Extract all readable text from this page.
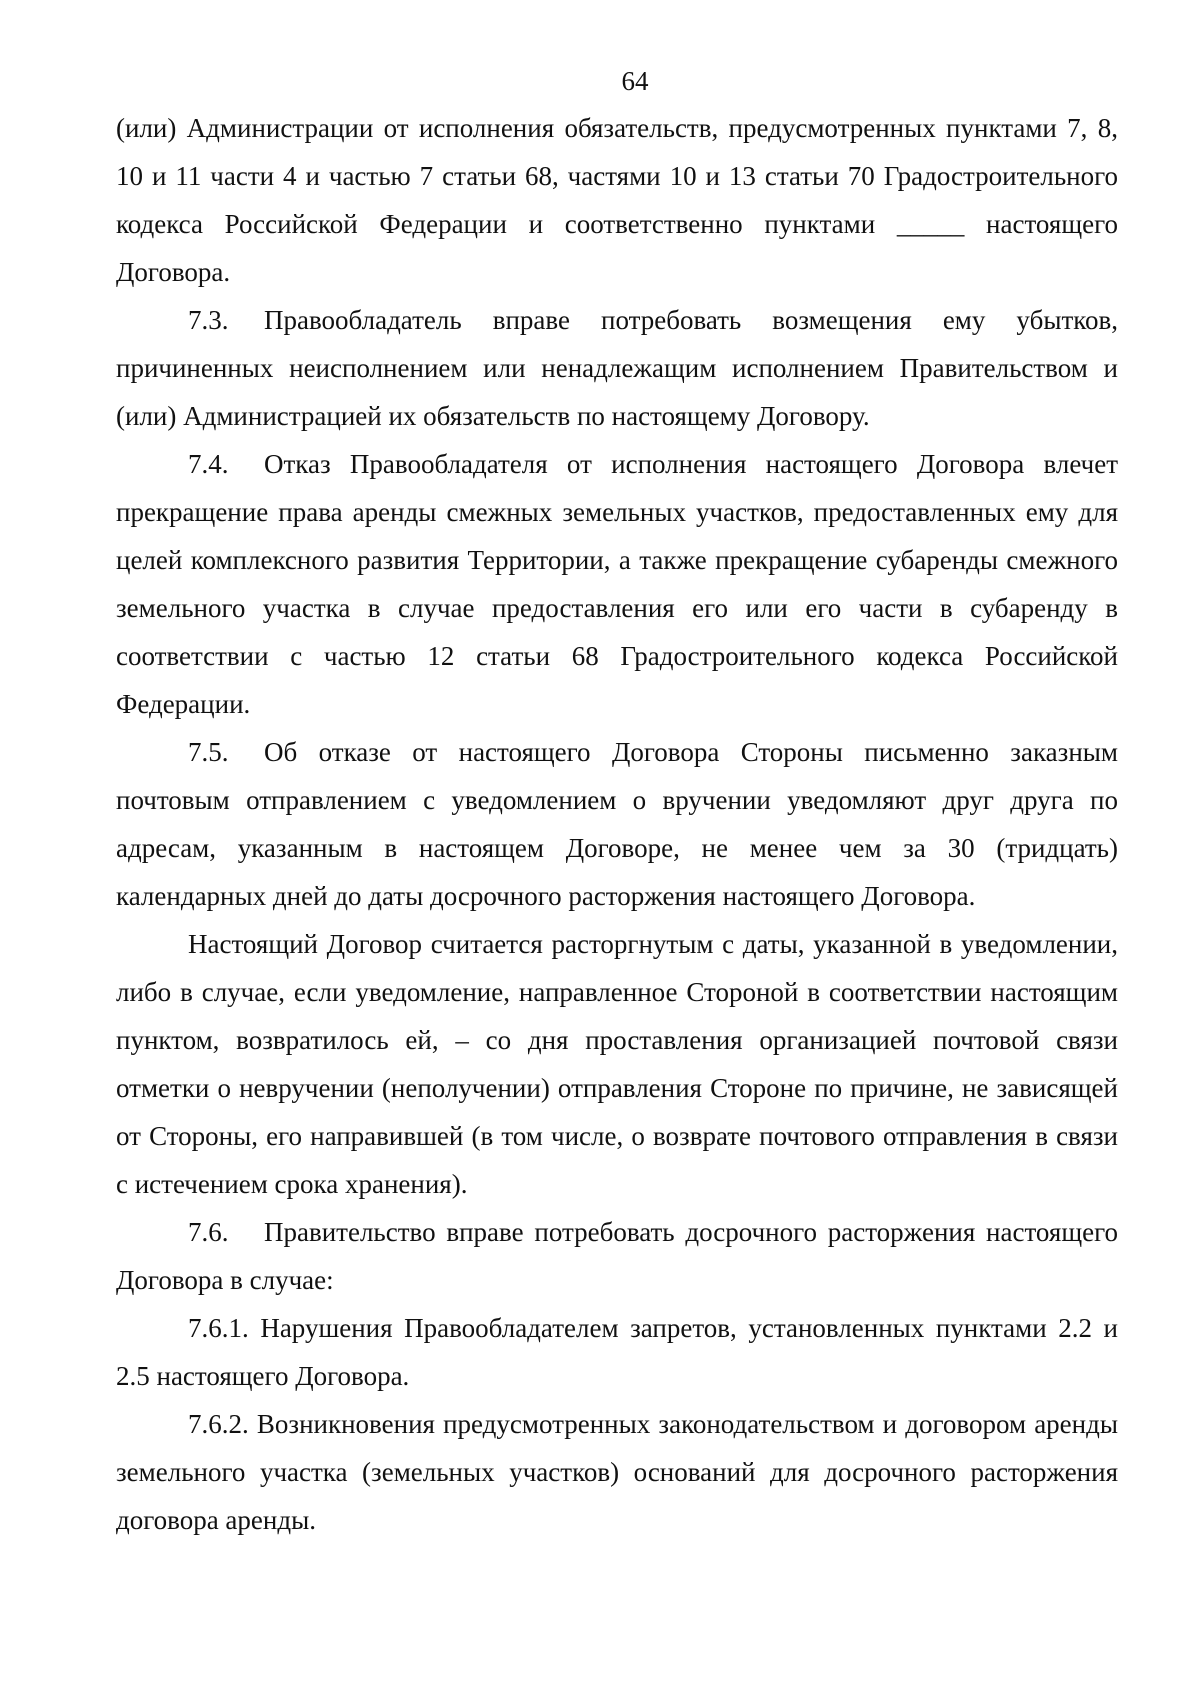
64

(или) Администрации от исполнения обязательств, предусмотренных пунктами 7, 8, 10 и 11 части 4 и частью 7 статьи 68, частями 10 и 13 статьи 70 Градостроительного кодекса Российской Федерации и соответственно пунктами _____ настоящего Договора.

7.3. Правообладатель вправе потребовать возмещения ему убытков, причиненных неисполнением или ненадлежащим исполнением Правительством и (или) Администрацией их обязательств по настоящему Договору.

7.4. Отказ Правообладателя от исполнения настоящего Договора влечет прекращение права аренды смежных земельных участков, предоставленных ему для целей комплексного развития Территории, а также прекращение субаренды смежного земельного участка в случае предоставления его или его части в субаренду в соответствии с частью 12 статьи 68 Градостроительного кодекса Российской Федерации.

7.5. Об отказе от настоящего Договора Стороны письменно заказным почтовым отправлением с уведомлением о вручении уведомляют друг друга по адресам, указанным в настоящем Договоре, не менее чем за 30 (тридцать) календарных дней до даты досрочного расторжения настоящего Договора.

Настоящий Договор считается расторгнутым с даты, указанной в уведомлении, либо в случае, если уведомление, направленное Стороной в соответствии настоящим пунктом, возвратилось ей, – со дня проставления организацией почтовой связи отметки о невручении (неполучении) отправления Стороне по причине, не зависящей от Стороны, его направившей (в том числе, о возврате почтового отправления в связи с истечением срока хранения).

7.6. Правительство вправе потребовать досрочного расторжения настоящего Договора в случае:

7.6.1. Нарушения Правообладателем запретов, установленных пунктами 2.2 и 2.5 настоящего Договора.

7.6.2. Возникновения предусмотренных законодательством и договором аренды земельного участка (земельных участков) оснований для досрочного расторжения договора аренды.
